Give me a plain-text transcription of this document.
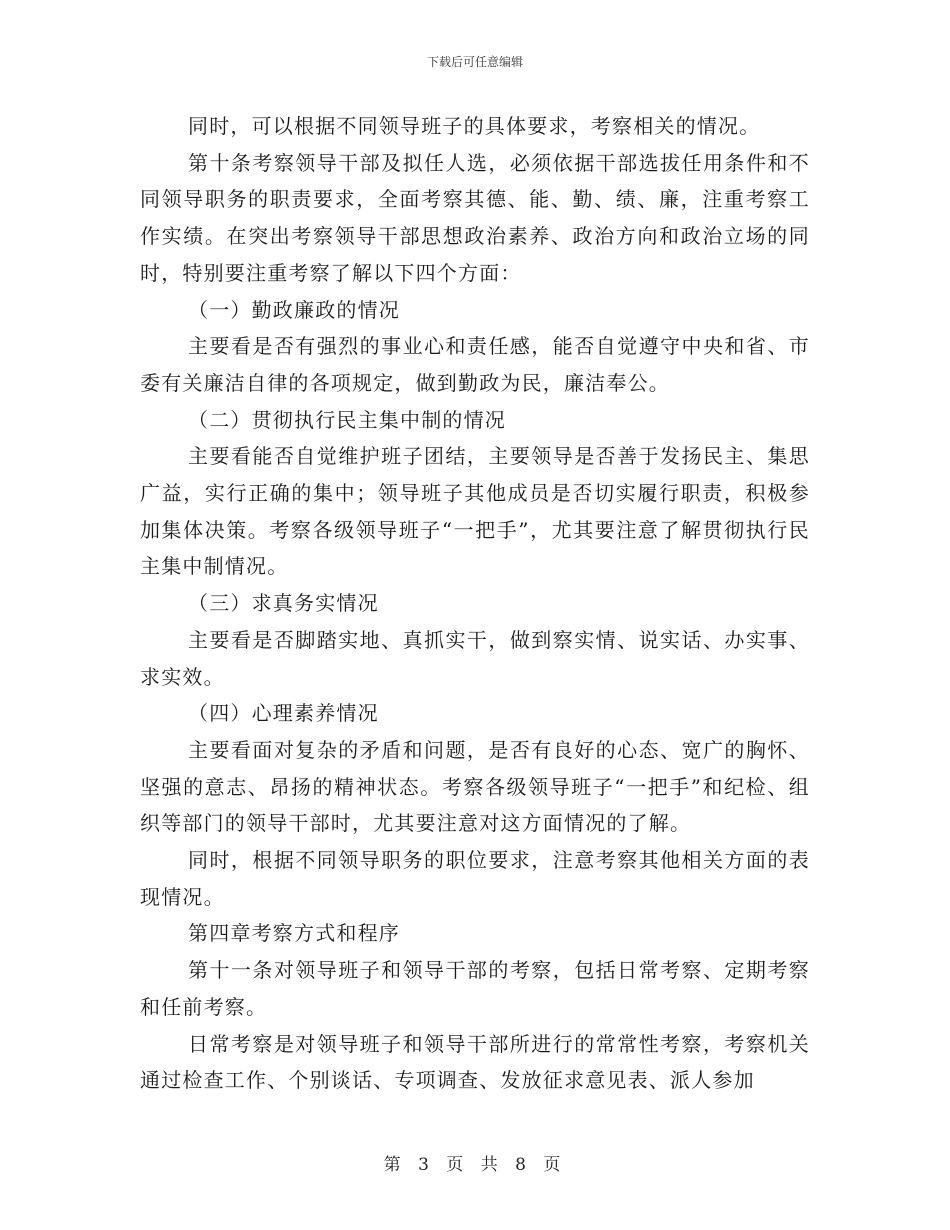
下载后可任意编辑

同时，可以根据不同领导班子的具体要求，考察相关的情况。

第十条考察领导干部及拟任人选，必须依据干部选拔任用条件和不同领导职务的职责要求，全面考察其德、能、勤、绩、廉，注重考察工作实绩。在突出考察领导干部思想政治素养、政治方向和政治立场的同时，特别要注重考察了解以下四个方面：

（一）勤政廉政的情况

主要看是否有强烈的事业心和责任感，能否自觉遵守中央和省、市委有关廉洁自律的各项规定，做到勤政为民，廉洁奉公。

（二）贯彻执行民主集中制的情况

主要看能否自觉维护班子团结，主要领导是否善于发扬民主、集思广益，实行正确的集中；领导班子其他成员是否切实履行职责，积极参加集体决策。考察各级领导班子“一把手”，尤其要注意了解贯彻执行民主集中制情况。

（三）求真务实情况

主要看是否脚踏实地、真抓实干，做到察实情、说实话、办实事、求实效。

（四）心理素养情况

主要看面对复杂的矛盾和问题，是否有良好的心态、宽广的胸怀、坚强的意志、昂扬的精神状态。考察各级领导班子“一把手”和纪检、组织等部门的领导干部时，尤其要注意对这方面情况的了解。

同时，根据不同领导职务的职位要求，注意考察其他相关方面的表现情况。

第四章考察方式和程序

第十一条对领导班子和领导干部的考察，包括日常考察、定期考察和任前考察。

日常考察是对领导班子和领导干部所进行的常常性考察，考察机关通过检查工作、个别谈话、专项调查、发放征求意见表、派人参加

第 3 页 共 8 页
